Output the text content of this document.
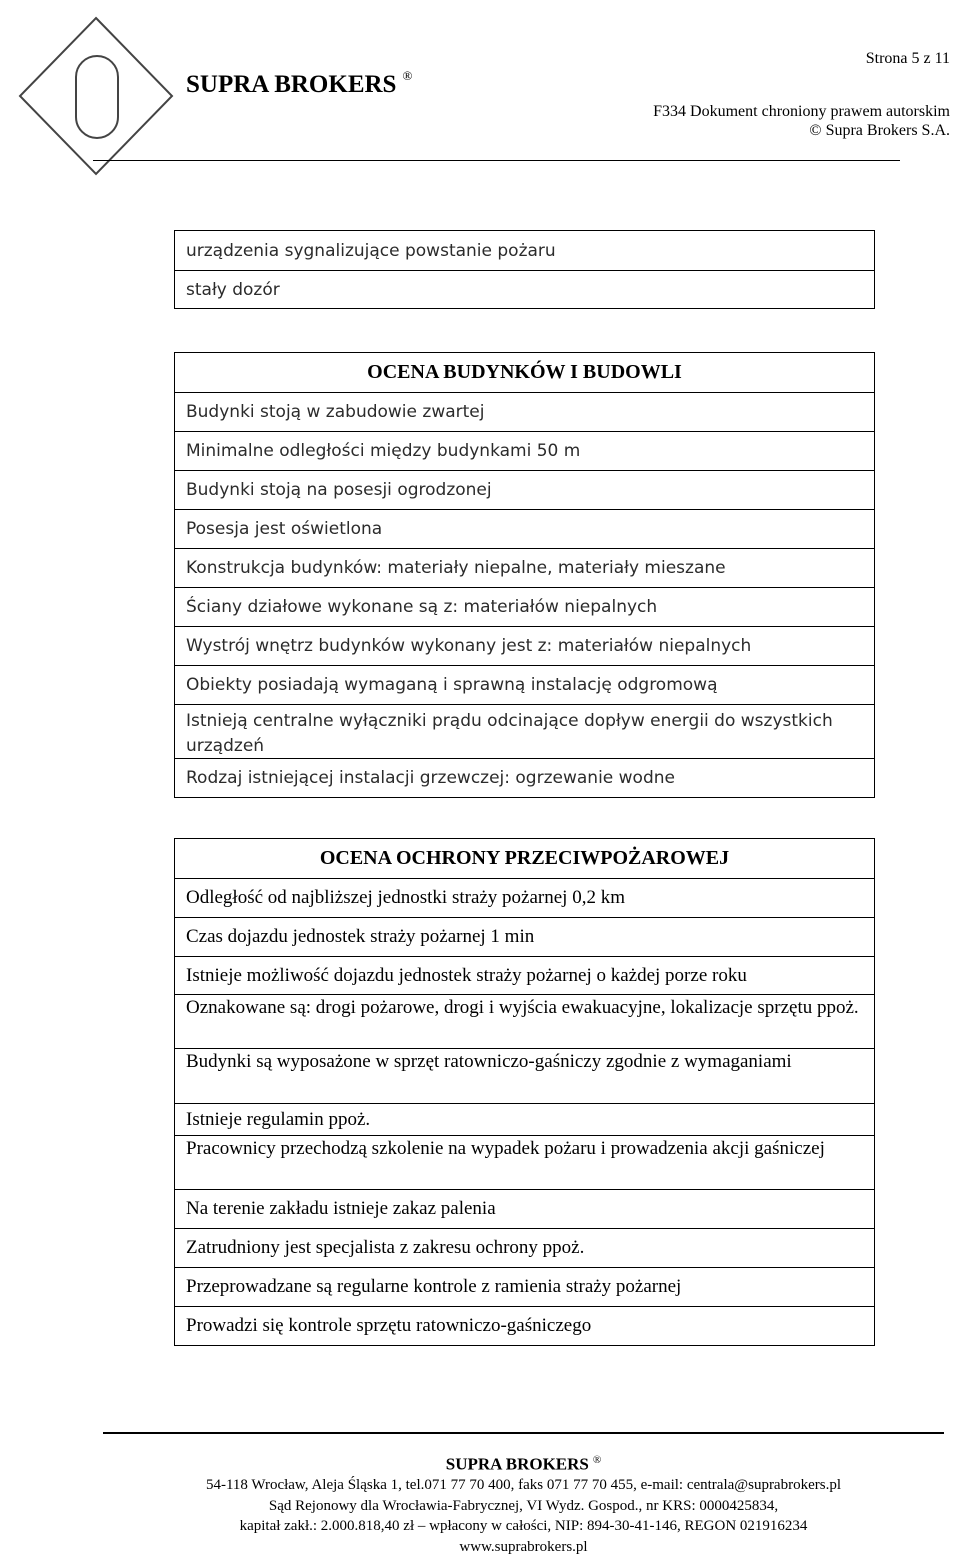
SUPRA BROKERS ®
Strona 5 z 11
F334 Dokument chroniony prawem autorskim
© Supra Brokers S.A.
urządzenia sygnalizujące powstanie pożaru
stały dozór
OCENA BUDYNKÓW I BUDOWLI
Budynki stoją w zabudowie zwartej
Minimalne odległości między budynkami 50 m
Budynki stoją na posesji ogrodzonej
Posesja jest oświetlona
Konstrukcja budynków: materiały niepalne, materiały mieszane
Ściany działowe wykonane są z: materiałów niepalnych
Wystrój wnętrz budynków wykonany jest z: materiałów niepalnych
Obiekty posiadają wymaganą i sprawną instalację odgromową
Istnieją centralne wyłączniki prądu odcinające dopływ energii do wszystkich urządzeń
Rodzaj istniejącej instalacji grzewczej: ogrzewanie wodne
OCENA OCHRONY PRZECIWPOŻAROWEJ
Odległość od najbliższej jednostki straży pożarnej 0,2 km
Czas dojazdu jednostek straży pożarnej 1 min
Istnieje możliwość dojazdu jednostek straży pożarnej o każdej porze roku
Oznakowane są: drogi pożarowe, drogi i wyjścia ewakuacyjne, lokalizacje sprzętu ppoż.
Budynki są wyposażone w sprzęt ratowniczo-gaśniczy zgodnie z wymaganiami
Istnieje regulamin ppoż.
Pracownicy przechodzą szkolenie na wypadek pożaru i prowadzenia akcji gaśniczej
Na terenie zakładu istnieje zakaz palenia
Zatrudniony jest specjalista z zakresu ochrony ppoż.
Przeprowadzane są regularne kontrole z ramienia straży pożarnej
Prowadzi się kontrole sprzętu ratowniczo-gaśniczego
SUPRA BROKERS ®
54-118 Wrocław, Aleja Śląska 1, tel.071 77 70 400, faks 071 77 70 455, e-mail: centrala@suprabrokers.pl
Sąd Rejonowy dla Wrocławia-Fabrycznej, VI Wydz. Gospod., nr KRS: 0000425834,
kapitał zakł.: 2.000.818,40 zł – wpłacony w całości, NIP: 894-30-41-146, REGON 021916234
www.suprabrokers.pl
